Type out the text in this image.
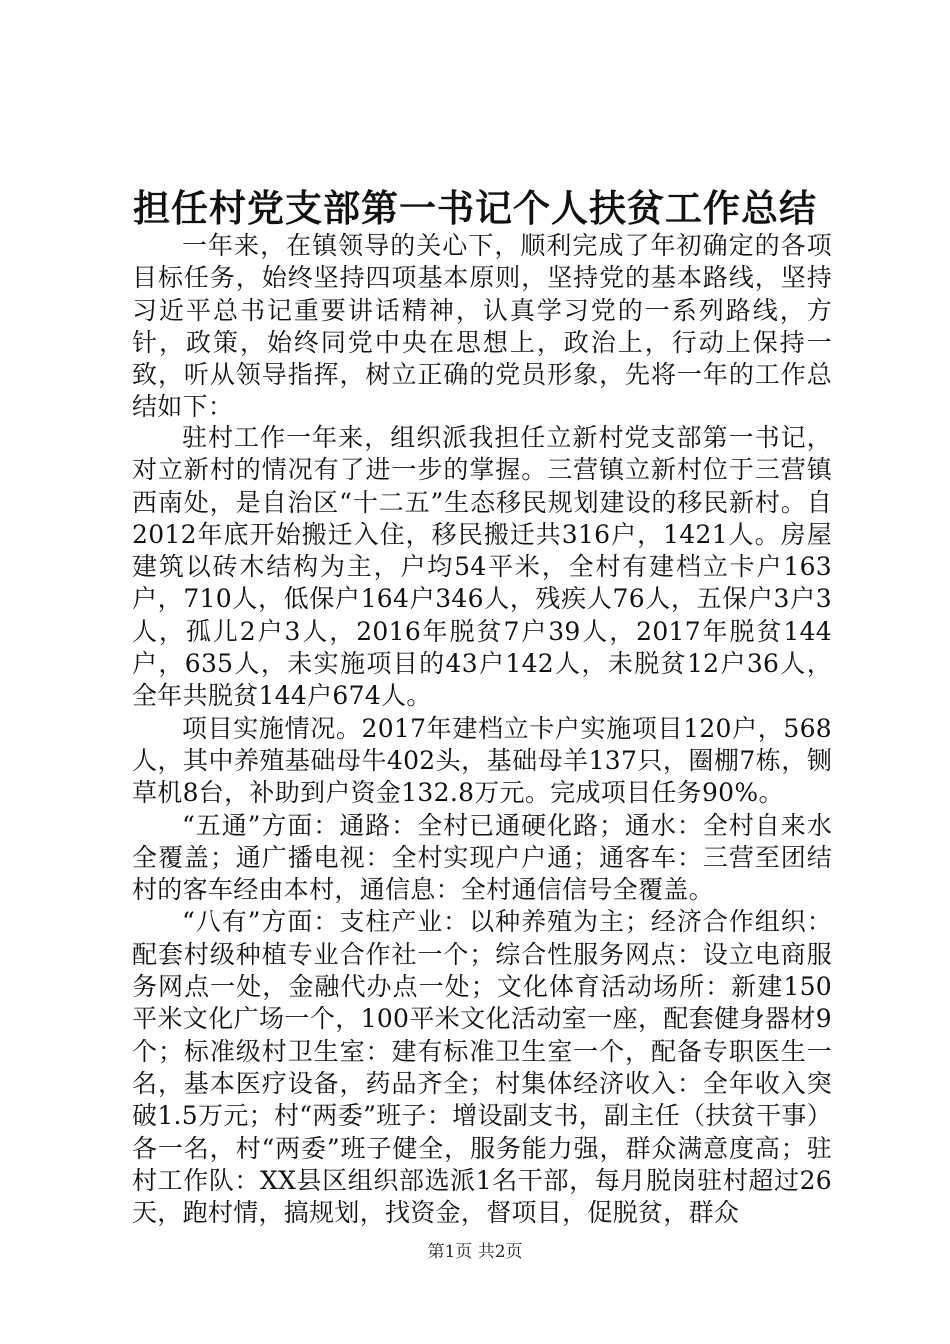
担任村党支部第一书记个人扶贫工作总结

一年来，在镇领导的关心下，顺利完成了年初确定的各项目标任务，始终坚持四项基本原则，坚持党的基本路线，坚持习近平总书记重要讲话精神，认真学习党的一系列路线，方针，政策，始终同党中央在思想上，政治上，行动上保持一致，听从领导指挥，树立正确的党员形象，先将一年的工作总结如下：

驻村工作一年来，组织派我担任立新村党支部第一书记，对立新村的情况有了进一步的掌握。三营镇立新村位于三营镇西南处，是自治区“十二五”生态移民规划建设的移民新村。自2012年底开始搬迁入住，移民搬迁共316户，1421人。房屋建筑以砖木结构为主，户均54平米，全村有建档立卡户163户，710人，低保户164户346人，残疾人76人，五保户3户3人，孤儿2户3人，2016年脱贫7户39人，2017年脱贫144户，635人，未实施项目的43户142人，未脱贫12户36人，全年共脱贫144户674人。

项目实施情况。2017年建档立卡户实施项目120户，568人，其中养殖基础母牛402头，基础母羊137只，圈棚7栋，铡草机8台，补助到户资金132.8万元。完成项目任务90%。

“五通”方面：通路：全村已通硬化路；通水：全村自来水全覆盖；通广播电视：全村实现户户通；通客车：三营至团结村的客车经由本村，通信息：全村通信信号全覆盖。

“八有”方面：支柱产业：以种养殖为主；经济合作组织：配套村级种植专业合作社一个；综合性服务网点：设立电商服务网点一处，金融代办点一处；文化体育活动场所：新建150平米文化广场一个，100平米文化活动室一座，配套健身器材9个；标准级村卫生室：建有标准卫生室一个，配备专职医生一名，基本医疗设备，药品齐全；村集体经济收入：全年收入突破1.5万元；村“两委”班子：增设副支书，副主任（扶贫干事）各一名，村“两委”班子健全，服务能力强，群众满意度高；驻村工作队：XX县区组织部选派1名干部，每月脱岗驻村超过26天，跑村情，搞规划，找资金，督项目，促脱贫，群众

第1页 共2页
